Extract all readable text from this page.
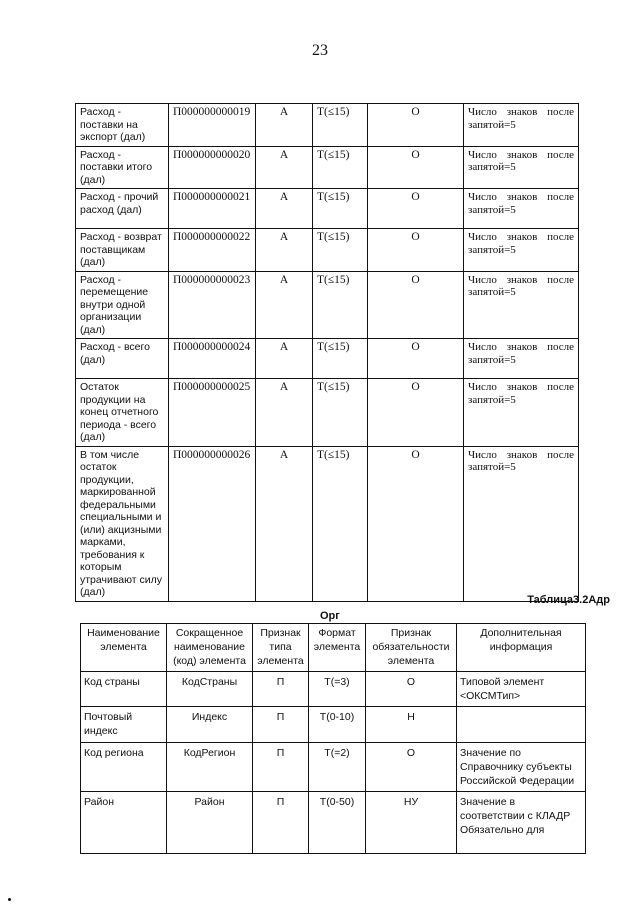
23
Расход - поставки на экспорт (дал)	П000000000019	А	Т(≤15)	О	Число знаков после
запятой=5

Расход - поставки итого (дал)	П000000000020	А	Т(≤15)	О	Число знаков после
запятой=5

Расход - прочий расход (дал)	П000000000021	А	Т(≤15)	О	Число знаков после
запятой=5

Расход - возврат поставщикам (дал)	П000000000022	А	Т(≤15)	О	Число знаков после
запятой=5

Расход - перемещение внутри одной организации (дал)	П000000000023	А	Т(≤15)	О	Число знаков после
запятой=5

Расход - всего (дал)	П000000000024	А	Т(≤15)	О	Число знаков после
запятой=5

Остаток продукции на конец отчетного периода - всего (дал)	П000000000025	А	Т(≤15)	О	Число знаков после
запятой=5

В том числе остаток продукции, маркированной федеральными специальными и (или) акцизными марками, требования к которым утрачивают силу (дал)	П000000000026	А	Т(≤15)	О	Число знаков после
запятой=5
Таблица3.2Адр
Орг
Наименование элемента	Сокращенное наименование (код) элемента	Признак типа элемента	Формат элемента	Признак обязательности элемента	Дополнительная информация
Код страны	КодСтраны	П	Т(=3)	О	Типовой элемент <ОКСМТип>
Почтовый индекс	Индекс	П	Т(0-10)	Н	
Код региона	КодРегион	П	Т(=2)	О	Значение по Справочнику субъекты Российской Федерации
Район	Район	П	Т(0-50)	НУ	Значение в соответствии с КЛАДР Обязательно для
